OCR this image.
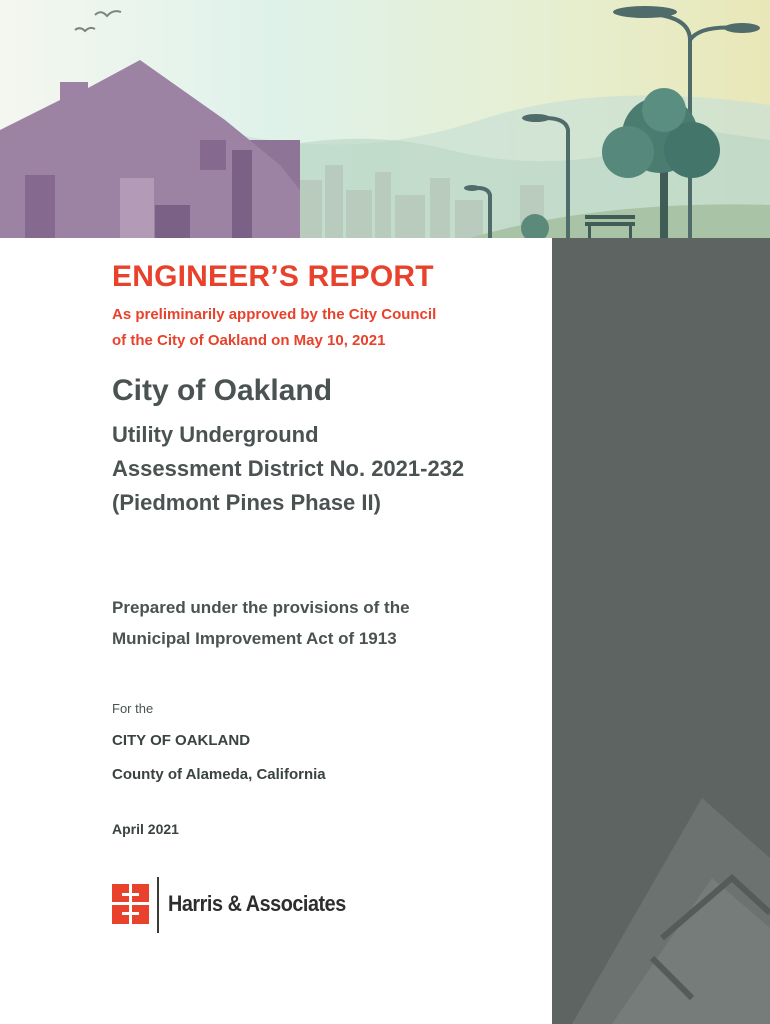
ENGINEER’S REPORT

As preliminarily approved by the City Council
of the City of Oakland on May 10, 2021

City of Oakland

Utility Underground
Assessment District No. 2021-232
(Piedmont Pines Phase II)

Prepared under the provisions of the
Municipal Improvement Act of 1913

For the
CITY OF OAKLAND
County of Alameda, California
April 2021
Harris & Associates
